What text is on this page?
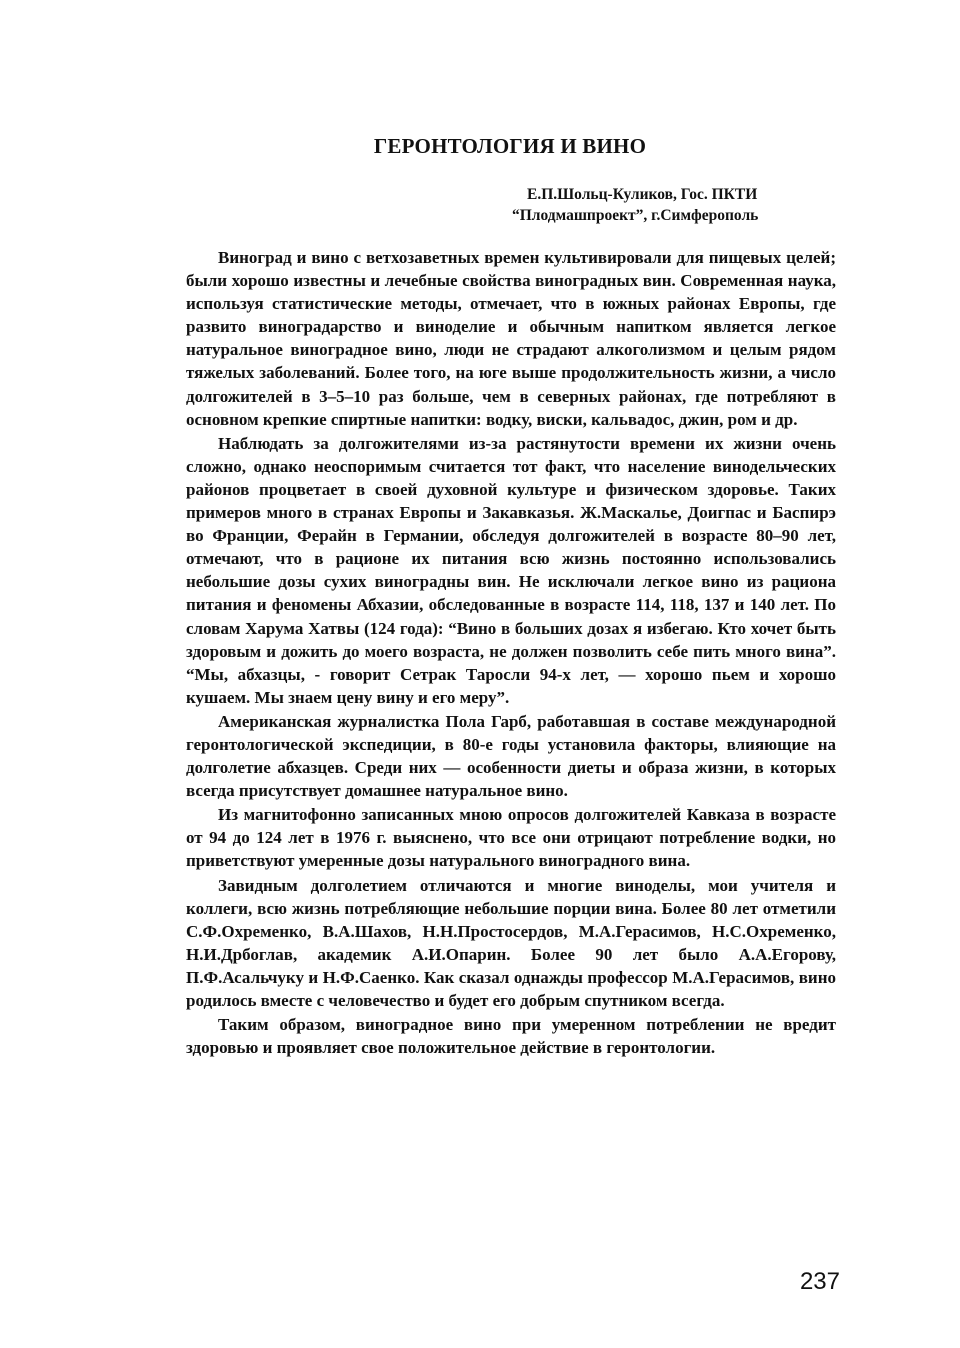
ГЕРОНТОЛОГИЯ И ВИНО
Е.П.Шольц-Куликов, Гос. ПКТИ
“Плодмашпроект”, г.Симферополь

Виноград и вино с ветхозаветных времен культивировали для пищевых целей; были хорошо известны и лечебные свойства виноградных вин. Современная наука, используя статистические методы, отмечает, что в южных районах Европы, где развито виноградарство и виноделие и обычным напитком является легкое натуральное виноградное вино, люди не страдают алкоголизмом и целым рядом тяжелых заболеваний. Более того, на юге выше продолжительность жизни, а число долгожителей в 3–5–10 раз больше, чем в северных районах, где потребляют в основном крепкие спиртные напитки: водку, виски, кальвадос, джин, ром и др.

Наблюдать за долгожителями из-за растянутости времени их жизни очень сложно, однако неоспоримым считается тот факт, что население винодельческих районов процветает в своей духовной культуре и физическом здоровье. Таких примеров много в странах Европы и Закавказья. Ж.Маскалье, Доигпас и Баспирэ во Франции, Ферайн в Германии, обследуя долгожителей в возрасте 80–90 лет, отмечают, что в рационе их питания всю жизнь постоянно использовались небольшие дозы сухих виноградны вин. Не исключали легкое вино из рациона питания и феномены Абхазии, обследованные в возрасте 114, 118, 137 и 140 лет. По словам Харума Хатвы (124 года): “Вино в больших дозах я избегаю. Кто хочет быть здоровым и дожить до моего возраста, не должен позволить себе пить много вина”. “Мы, абхазцы, - говорит Сетрак Таросли 94-х лет, — хорошо пьем и хорошо кушаем. Мы знаем цену вину и его меру”.

Американская журналистка Пола Гарб, работавшая в составе международной геронтологической экспедиции, в 80-е годы установила факторы, влияющие на долголетие абхазцев. Среди них — особенности диеты и образа жизни, в которых всегда присутствует домашнее натуральное вино.

Из магнитофонно записанных мною опросов долгожителей Кавказа в возрасте от 94 до 124 лет в 1976 г. выяснено, что все они отрицают потребление водки, но приветствуют умеренные дозы натурального виноградного вина.

Завидным долголетием отличаются и многие виноделы, мои учителя и коллеги, всю жизнь потребляющие небольшие порции вина. Более 80 лет отметили С.Ф.Охременко, В.А.Шахов, Н.Н.Простосердов, М.А.Герасимов, Н.С.Охременко, Н.И.Дрбоглав, академик А.И.Опарин. Более 90 лет было А.А.Егорову, П.Ф.Асальчуку и Н.Ф.Саенко. Как сказал однажды профессор М.А.Герасимов, вино родилось вместе с человечество и будет его добрым спутником всегда.

Таким образом, виноградное вино при умеренном потреблении не вредит здоровью и проявляет свое положительное действие в геронтологии.

237
